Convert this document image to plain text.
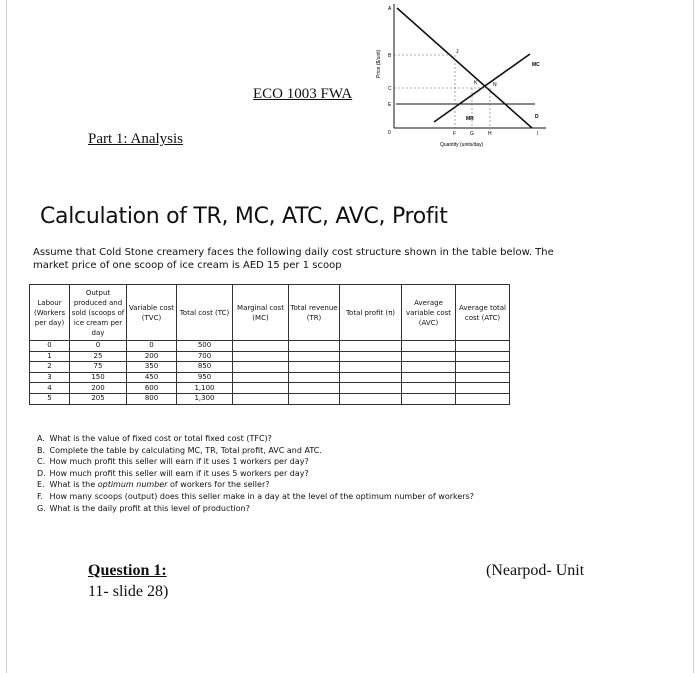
ECO 1003 FWA
Part 1: Analysis
Price ($/unit)
Quantity (units/day)
0
A
B
C
E
F	G	H	I
J
K	N
MC
MR	D
Calculation of TR, MC, ATC, AVC, Profit

Assume that Cold Stone creamery faces the following daily cost structure shown in the table below. The market price of one scoop of ice cream is AED 15 per 1 scoop

Labour (Workers per day)	Output produced and sold (scoops of ice cream per day	Variable cost (TVC)	Total cost (TC)	Marginal cost (MC)	Total revenue (TR)	Total profit (π)	Average variable cost (AVC)	Average total cost (ATC)
0	0	0	500					
1	25	200	700					
2	75	350	850					
3	150	450	950					
4	200	600	1,100					
5	205	800	1,300					
A. What is the value of fixed cost or total fixed cost (TFC)?
B. Complete the table by calculating MC, TR, Total profit, AVC and ATC.
C. How much profit this seller will earn if it uses 1 workers per day?
D. How much profit this seller will earn if it uses 5 workers per day?
E. What is the optimum number of workers for the seller?
F. How many scoops (output) does this seller make in a day at the level of the optimum number of workers?
G. What is the daily profit at this level of production?
Question 1:
11- slide 28)
(Nearpod- Unit
